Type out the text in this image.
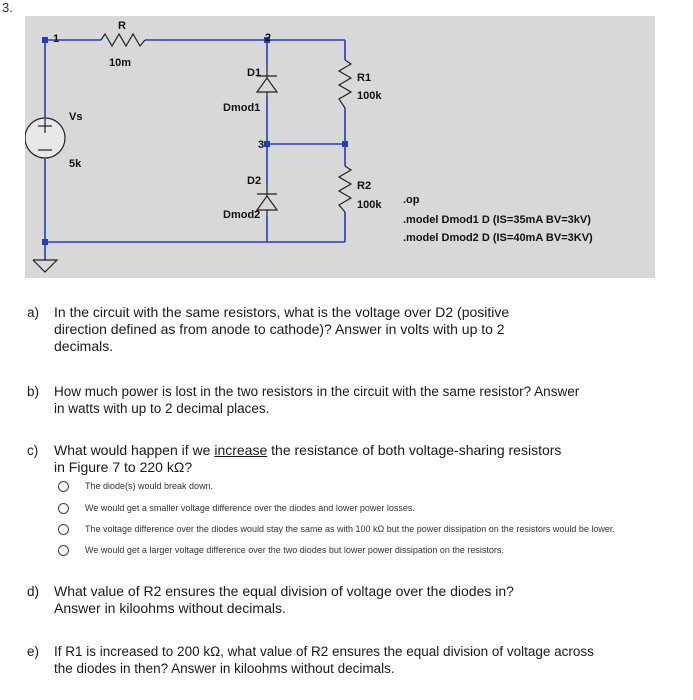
3.
1	2
3
R
10m
Vs
5k
D1
Dmod1
D2
Dmod2
R1
100k
R2
100k .op
.model Dmod1 D (IS=35mA BV=3kV)
.model Dmod2 D (IS=40mA BV=3KV)
a) In the circuit with the same resistors, what is the voltage over D2 (positive
direction defined as from anode to cathode)? Answer in volts with up to 2
decimals.
b) How much power is lost in the two resistors in the circuit with the same resistor? Answer
in watts with up to 2 decimal places.
c) What would happen if we increase the resistance of both voltage-sharing resistors
in Figure 7 to 220 kΩ?
The diode(s) would break down.
We would get a smaller voltage difference over the diodes and lower power losses.
The voltage difference over the diodes would stay the same as with 100 kΩ but the power dissipation on the resistors would be lower.
We would get a larger voltage difference over the two diodes but lower power dissipation on the resistors.
d) What value of R2 ensures the equal division of voltage over the diodes in?
Answer in kiloohms without decimals.
e) If R1 is increased to 200 kΩ, what value of R2 ensures the equal division of voltage across
the diodes in then? Answer in kiloohms without decimals.
